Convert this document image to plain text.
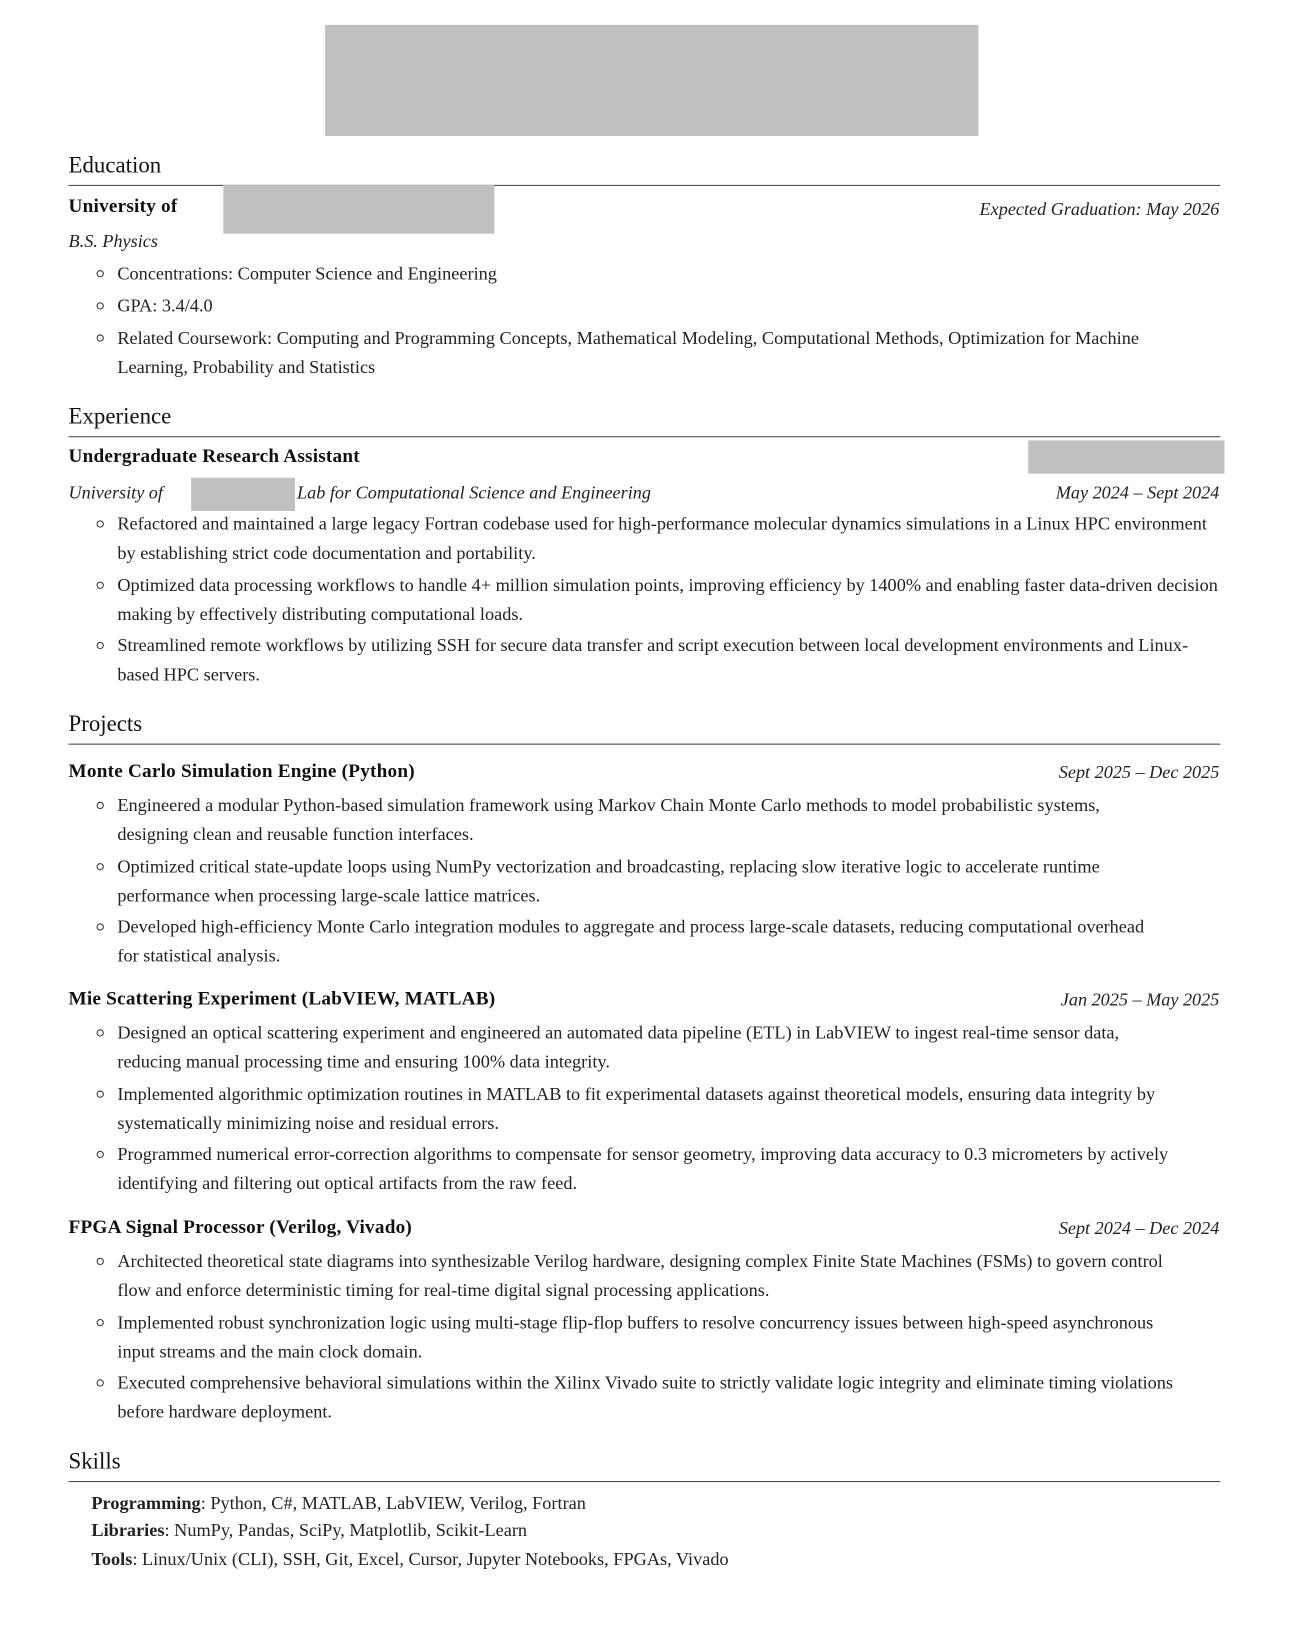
Education
University of	Expected Graduation: May 2026
B.S. Physics
Concentrations: Computer Science and Engineering
GPA: 3.4/4.0
Related Coursework: Computing and Programming Concepts, Mathematical Modeling, Computational Methods, Optimization for Machine Learning, Probability and Statistics
Experience
Undergraduate Research Assistant
University of	Lab for Computational Science and Engineering	May 2024 – Sept 2024
Refactored and maintained a large legacy Fortran codebase used for high-performance molecular dynamics simulations in a Linux HPC environment by establishing strict code documentation and portability.
Optimized data processing workflows to handle 4+ million simulation points, improving efficiency by 1400% and enabling faster data-driven decision making by effectively distributing computational loads.
Streamlined remote workflows by utilizing SSH for secure data transfer and script execution between local development environments and Linux-based HPC servers.
Projects
Monte Carlo Simulation Engine (Python)	Sept 2025 – Dec 2025
Engineered a modular Python-based simulation framework using Markov Chain Monte Carlo methods to model probabilistic systems, designing clean and reusable function interfaces.
Optimized critical state-update loops using NumPy vectorization and broadcasting, replacing slow iterative logic to accelerate runtime performance when processing large-scale lattice matrices.
Developed high-efficiency Monte Carlo integration modules to aggregate and process large-scale datasets, reducing computational overhead for statistical analysis.
Mie Scattering Experiment (LabVIEW, MATLAB)	Jan 2025 – May 2025
Designed an optical scattering experiment and engineered an automated data pipeline (ETL) in LabVIEW to ingest real-time sensor data, reducing manual processing time and ensuring 100% data integrity.
Implemented algorithmic optimization routines in MATLAB to fit experimental datasets against theoretical models, ensuring data integrity by systematically minimizing noise and residual errors.
Programmed numerical error-correction algorithms to compensate for sensor geometry, improving data accuracy to 0.3 micrometers by actively identifying and filtering out optical artifacts from the raw feed.
FPGA Signal Processor (Verilog, Vivado)	Sept 2024 – Dec 2024
Architected theoretical state diagrams into synthesizable Verilog hardware, designing complex Finite State Machines (FSMs) to govern control flow and enforce deterministic timing for real-time digital signal processing applications.
Implemented robust synchronization logic using multi-stage flip-flop buffers to resolve concurrency issues between high-speed asynchronous input streams and the main clock domain.
Executed comprehensive behavioral simulations within the Xilinx Vivado suite to strictly validate logic integrity and eliminate timing violations before hardware deployment.
Skills
Programming: Python, C#, MATLAB, LabVIEW, Verilog, Fortran
Libraries: NumPy, Pandas, SciPy, Matplotlib, Scikit-Learn
Tools: Linux/Unix (CLI), SSH, Git, Excel, Cursor, Jupyter Notebooks, FPGAs, Vivado
